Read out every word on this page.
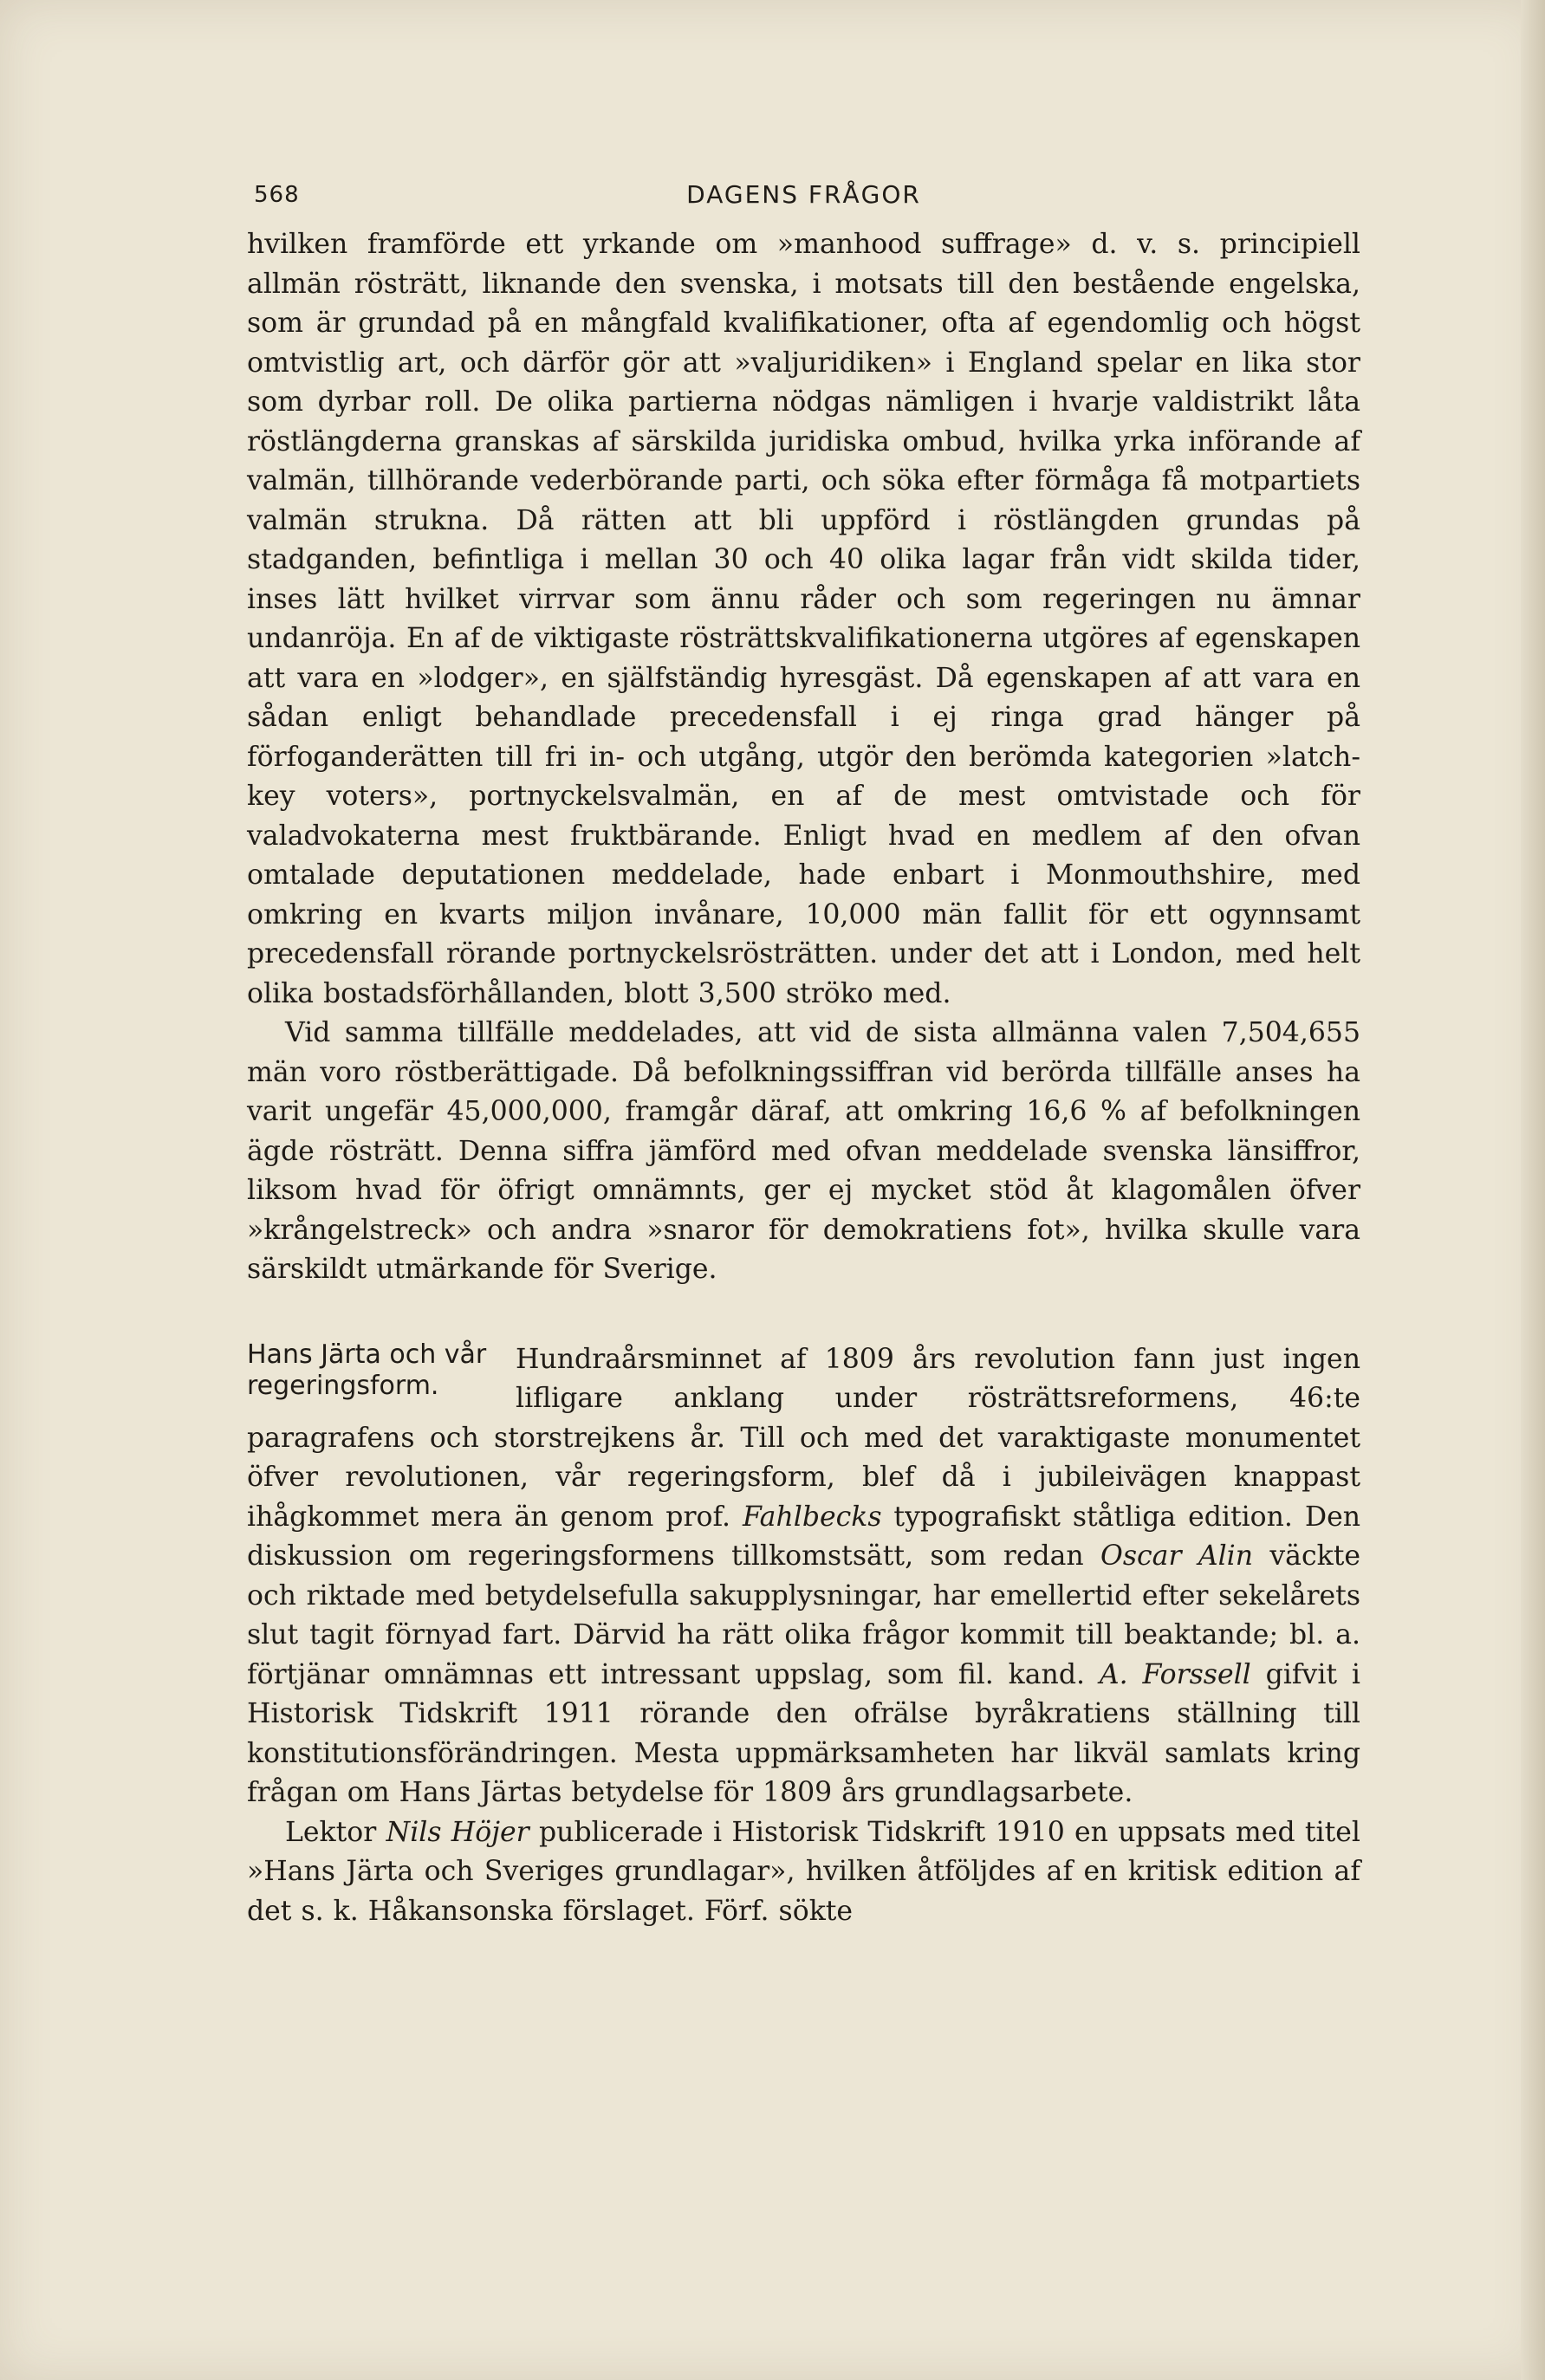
568	DAGENS FRÅGOR

hvilken framförde ett yrkande om »manhood suffrage» d. v. s. principiell allmän rösträtt, liknande den svenska, i motsats till den bestående engelska, som är grundad på en mångfald kvalifikationer, ofta af egendomlig och högst omtvistlig art, och därför gör att »valjuridiken» i England spelar en lika stor som dyrbar roll. De olika partierna nödgas nämligen i hvarje valdistrikt låta röstlängderna granskas af särskilda juridiska ombud, hvilka yrka införande af valmän, tillhörande vederbörande parti, och söka efter förmåga få motpartiets valmän strukna. Då rätten att bli uppförd i röstlängden grundas på stadganden, befintliga i mellan 30 och 40 olika lagar från vidt skilda tider, inses lätt hvilket virrvar som ännu råder och som regeringen nu ämnar undanröja. En af de viktigaste rösträttskvalifikationerna utgöres af egenskapen att vara en »lodger», en själfständig hyresgäst. Då egenskapen af att vara en sådan enligt behandlade precedensfall i ej ringa grad hänger på förfoganderätten till fri in- och utgång, utgör den berömda kategorien »latch-key voters», portnyckelsvalmän, en af de mest omtvistade och för valadvokaterna mest fruktbärande. Enligt hvad en medlem af den ofvan omtalade deputationen meddelade, hade enbart i Monmouthshire, med omkring en kvarts miljon invånare, 10,000 män fallit för ett ogynnsamt precedensfall rörande portnyckelsrösträtten. under det att i London, med helt olika bostadsförhållanden, blott 3,500 ströko med.

Vid samma tillfälle meddelades, att vid de sista allmänna valen 7,504,655 män voro röstberättigade. Då befolkningssiffran vid berörda tillfälle anses ha varit ungefär 45,000,000, framgår däraf, att omkring 16,6 % af befolkningen ägde rösträtt. Denna siffra jämförd med ofvan meddelade svenska länsiffror, liksom hvad för öfrigt omnämnts, ger ej mycket stöd åt klagomålen öfver »krångelstreck» och andra »snaror för demokratiens fot», hvilka skulle vara särskildt utmärkande för Sverige.

Hans Järta och vår regeringsform.

Hundraårsminnet af 1809 års revolution fann just ingen lifligare anklang under rösträttsreformens, 46:te paragrafens och storstrejkens år. Till och med det varaktigaste monumentet öfver revolutionen, vår regeringsform, blef då i jubileivägen knappast ihågkommet mera än genom prof. Fahlbecks typografiskt ståtliga edition. Den diskussion om regeringsformens tillkomstsätt, som redan Oscar Alin väckte och riktade med betydelsefulla sakupplysningar, har emellertid efter sekelårets slut tagit förnyad fart. Därvid ha rätt olika frågor kommit till beaktande; bl. a. förtjänar omnämnas ett intressant uppslag, som fil. kand. A. Forssell gifvit i Historisk Tidskrift 1911 rörande den ofrälse byråkratiens ställning till konstitutionsförändringen. Mesta uppmärksamheten har likväl samlats kring frågan om Hans Järtas betydelse för 1809 års grundlagsarbete.

Lektor Nils Höjer publicerade i Historisk Tidskrift 1910 en uppsats med titel »Hans Järta och Sveriges grundlagar», hvilken åtföljdes af en kritisk edition af det s. k. Håkansonska förslaget. Förf. sökte
